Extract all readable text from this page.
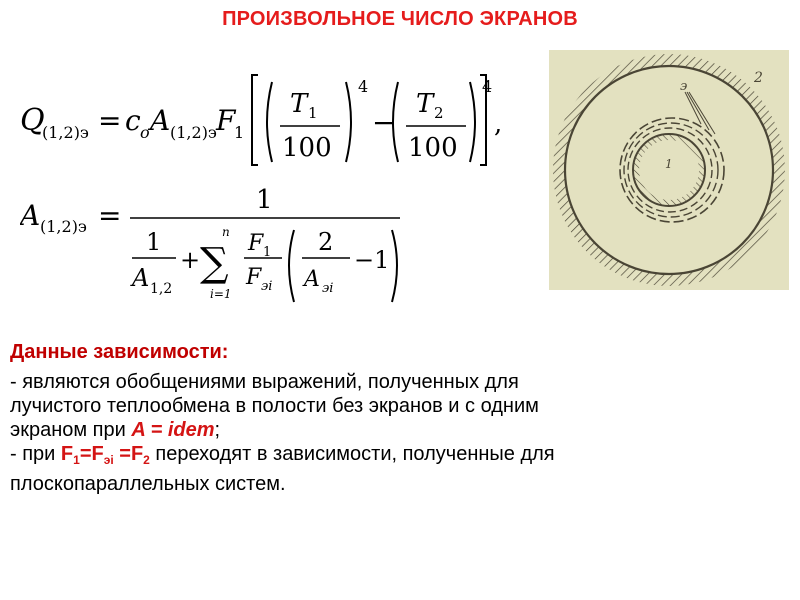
ПРОИЗВОЛЬНОЕ ЧИСЛО ЭКРАНОВ
Q
(1,2)э = c o A (1,2)э F
1
T 1
100
4
−
T 2
100
4
,
A (1,2)э =	1
1
A 1,2
+
n
∑
i=1
F 1
F эi
2
A эi
−1
э
2
1
Данные зависимости:
- являются обобщениями выражений, полученных для
лучистого теплообмена в полости без экранов и с одним
экраном при A = idem;
- при $F_1=F_{эi} =F_2$ переходят в зависимости, полученные для
плоскопараллельных систем.
